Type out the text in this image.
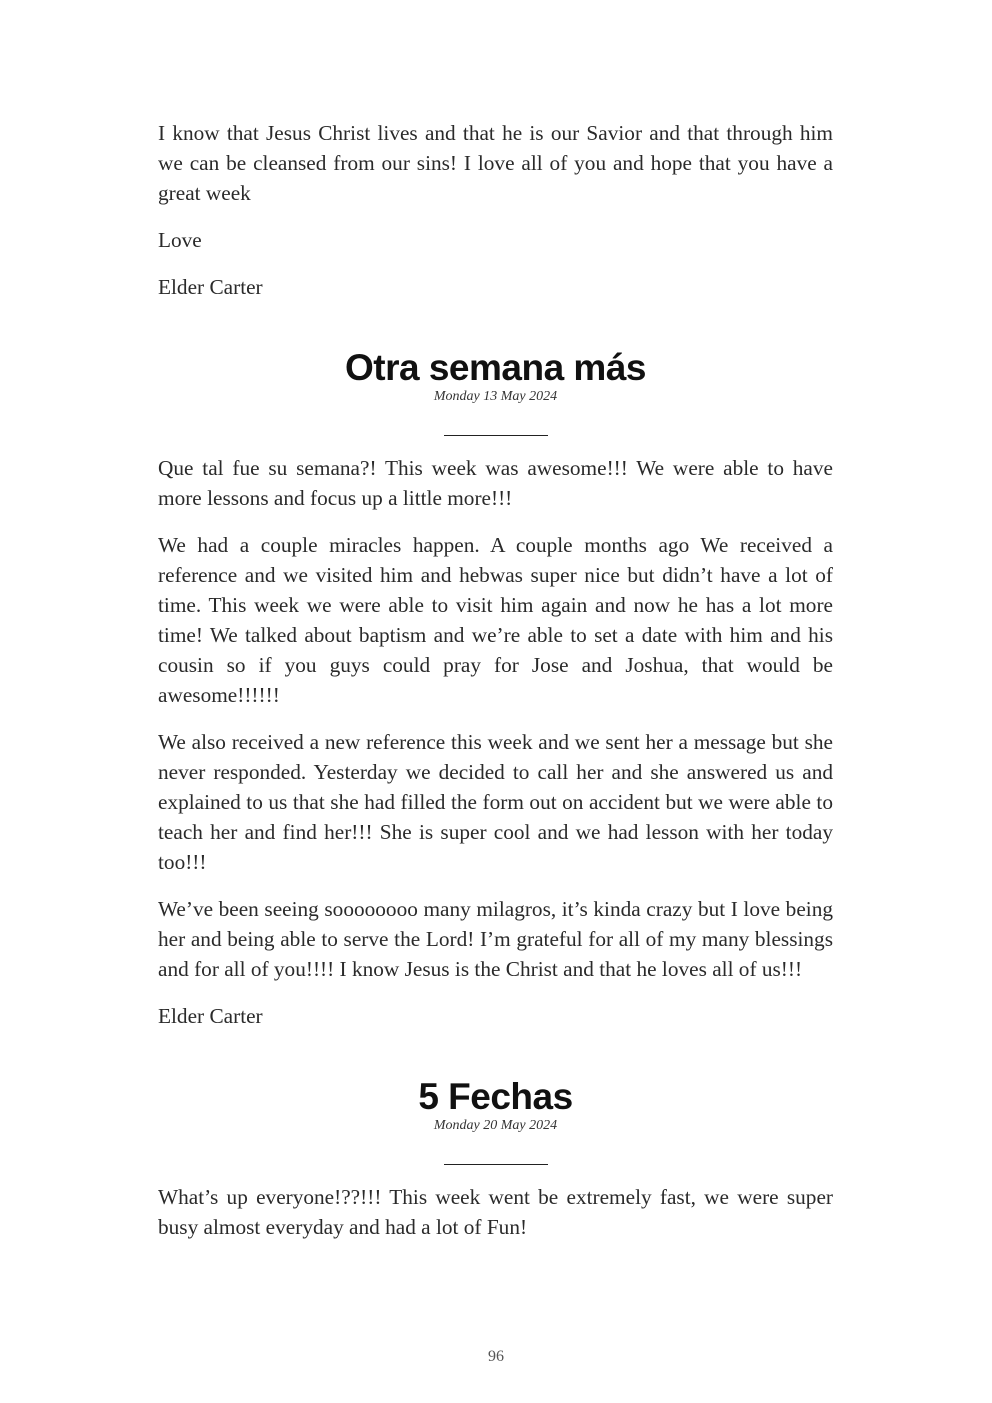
I know that Jesus Christ lives and that he is our Savior and that through him we can be cleansed from our sins! I love all of you and hope that you have a great week

Love

Elder Carter

Otra semana más
Monday 13 May 2024

Que tal fue su semana?! This week was awesome!!! We were able to have more lessons and focus up a little more!!!

We had a couple miracles happen. A couple months ago We received a reference and we visited him and hebwas super nice but didn’t have a lot of time. This week we were able to visit him again and now he has a lot more time! We talked about baptism and we’re able to set a date with him and his cousin so if you guys could pray for Jose and Joshua, that would be awesome!!!!!!

We also received a new reference this week and we sent her a message but she never responded. Yesterday we decided to call her and she answered us and explained to us that she had filled the form out on accident but we were able to teach her and find her!!! She is super cool and we had lesson with her today too!!!

We’ve been seeing soooooooo many milagros, it’s kinda crazy but I love being her and being able to serve the Lord! I’m grateful for all of my many blessings and for all of you!!!! I know Jesus is the Christ and that he loves all of us!!!

Elder Carter

5 Fechas
Monday 20 May 2024

What’s up everyone!??!!! This week went be extremely fast, we were super busy almost everyday and had a lot of Fun!

96
